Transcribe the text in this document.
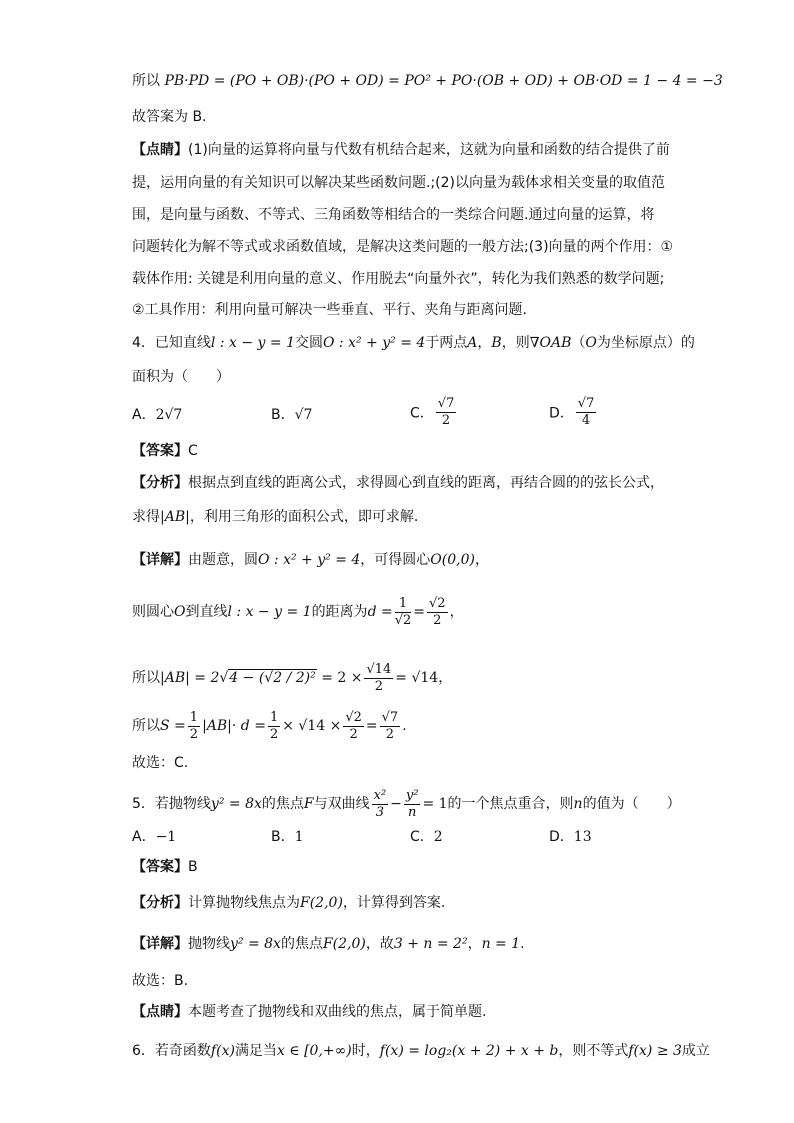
所以 PB·PD = (PO + OB)·(PO + OD) = PO² + PO·(OB + OD) + OB·OD = 1 − 4 = −3
故答案为 B.
【点睛】(1)向量的运算将向量与代数有机结合起来，这就为向量和函数的结合提供了前
提，运用向量的有关知识可以解决某些函数问题.;(2)以向量为载体求相关变量的取值范
围，是向量与函数、不等式、三角函数等相结合的一类综合问题.通过向量的运算，将
问题转化为解不等式或求函数值域，是解决这类问题的一般方法;(3)向量的两个作用：①
载体作用: 关键是利用向量的意义、作用脱去“向量外衣”，转化为我们熟悉的数学问题;
②工具作用：利用向量可解决一些垂直、平行、夹角与距离问题.
4．已知直线l : x − y = 1交圆O : x² + y² = 4于两点A，B，则∇OAB（O为坐标原点）的
面积为（　　）
A．2√7	B．√7	C． $\frac{√7}{2}$	D． $\frac{√7}{4}$
【答案】C
【分析】根据点到直线的距离公式，求得圆心到直线的距离，再结合圆的的弦长公式，
求得|AB|，利用三角形的面积公式，即可求解.
【详解】由题意，圆O : x² + y² = 4，可得圆心O(0,0)，
则圆心O到直线l : x − y = 1的距离为$d = \frac{1}{√2} = \frac{√2}{2}$ ，
所以$|AB| = 2√4 - (√2 / 2)^2 = 2 \times \frac{√14}{2} = √14$，
所以$S = \frac{1}{2} |AB|\cdot d = \frac{1}{2} \times √14 \times \frac{√2}{2} = \frac{√7}{2}$ .
故选：C.
5．若抛物线y² = 8x的焦点F与双曲线 $\frac{\text{x²}}{3} - \frac{\text{y²}}{n} = 1$的一个焦点重合，则n的值为（　　）
A．−1	B．1	C．2	D．13
【答案】B
【分析】计算抛物线焦点为F(2,0)，计算得到答案.
【详解】抛物线y² = 8x的焦点F(2,0)，故3 + n = 2²，n = 1.
故选：B.
【点睛】本题考查了抛物线和双曲线的焦点，属于简单题.
6．若奇函数f(x)满足当x ∈ [0,+∞)时，f(x) = log₂(x + 2) + x + b，则不等式f(x) ≥ 3成立
